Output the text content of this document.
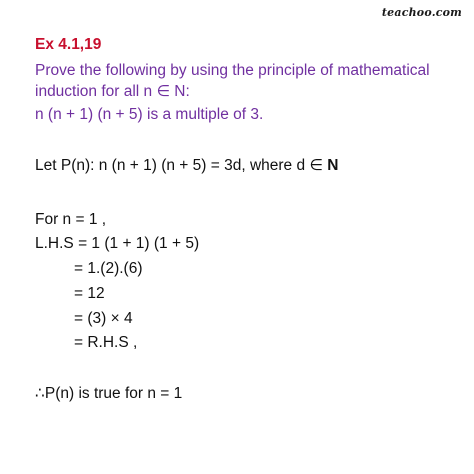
teachoo.com
Ex 4.1,19
Prove the following by using the principle of mathematical
induction for all n ∈ N:
n (n + 1) (n + 5) is a multiple of 3.
Let P(n): n (n + 1) (n + 5) = 3d, where d ∈ N
For n = 1 ,
L.H.S = 1 (1 + 1) (1 + 5)
= 1.(2).(6)
= 12
= (3) × 4
= R.H.S ,
∴P(n) is true for n = 1
